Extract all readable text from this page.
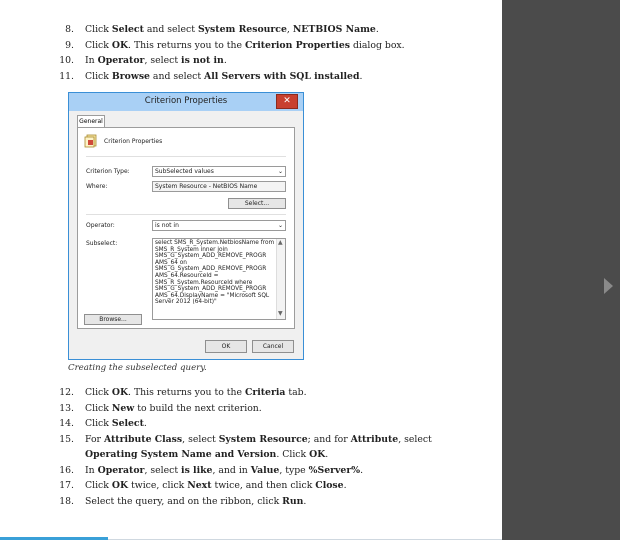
8. Click Select and select System Resource, NETBIOS Name.
9. Click OK. This returns you to the Criterion Properties dialog box.
10. In Operator, select is not in.
11. Click Browse and select All Servers with SQL installed.
Criterion Properties	✕
General
Criterion Properties
Criterion Type:	SubSelected values	⌄
Where:	System Resource - NetBIOS Name
Select...
Operator:	is not in	⌄
Subselect:	select SMS_R_System.NetbiosName from
SMS_R_System inner join
SMS_G_System_ADD_REMOVE_PROGR
AMS_64 on
SMS_G_System_ADD_REMOVE_PROGR
AMS_64.ResourceId =
SMS_R_System.ResourceId where
SMS_G_System_ADD_REMOVE_PROGR
AMS_64.DisplayName = "Microsoft SQL
Server 2012 (64-bit)"
▲
▼
Browse...
OK	Cancel
Creating the subselected query.
12. Click OK. This returns you to the Criteria tab.
13. Click New to build the next criterion.
14. Click Select.
15. For Attribute Class, select System Resource; and for Attribute, select Operating System Name and Version. Click OK.
16. In Operator, select is like, and in Value, type %Server%.
17. Click OK twice, click Next twice, and then click Close.
18. Select the query, and on the ribbon, click Run.
